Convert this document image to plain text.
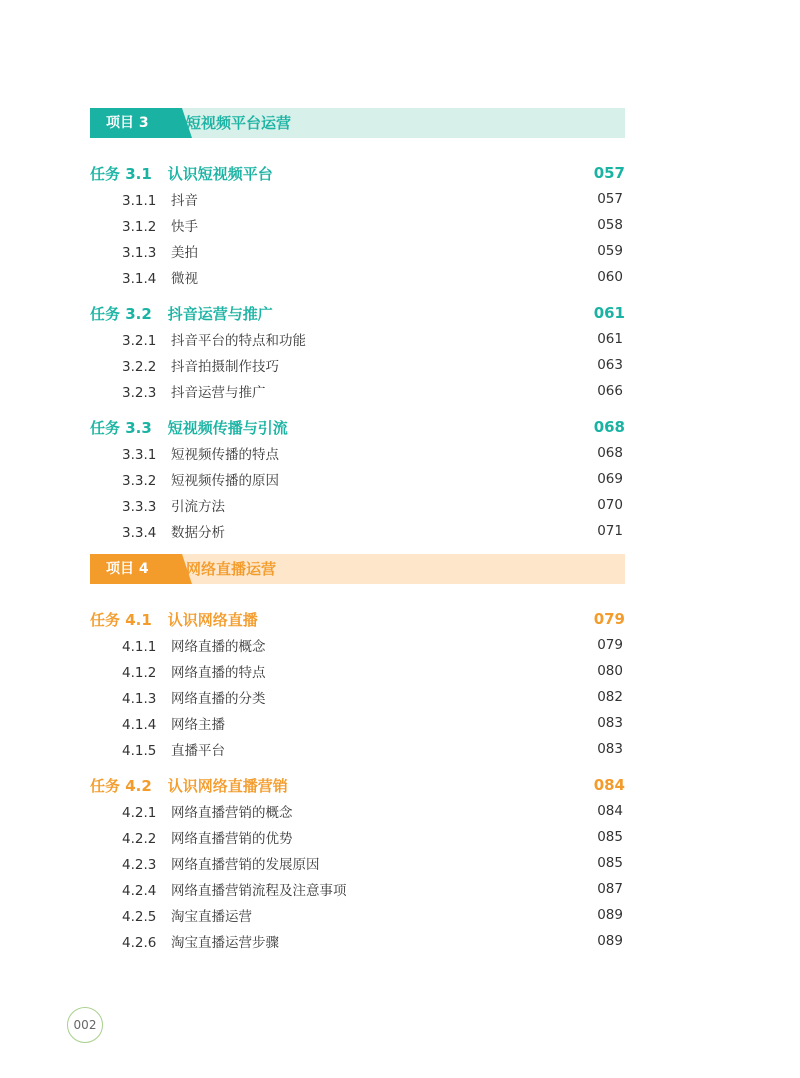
项目 3	短视频平台运营
任务 3.1 认识短视频平台	057
3.1.1 抖音	057
3.1.2 快手	058
3.1.3 美拍	059
3.1.4 微视	060
任务 3.2 抖音运营与推广	061
3.2.1 抖音平台的特点和功能	061
3.2.2 抖音拍摄制作技巧	063
3.2.3 抖音运营与推广	066
任务 3.3 短视频传播与引流	068
3.3.1 短视频传播的特点	068
3.3.2 短视频传播的原因	069
3.3.3 引流方法	070
3.3.4 数据分析	071
项目 4	网络直播运营
任务 4.1 认识网络直播	079
4.1.1 网络直播的概念	079
4.1.2 网络直播的特点	080
4.1.3 网络直播的分类	082
4.1.4 网络主播	083
4.1.5 直播平台	083
任务 4.2 认识网络直播营销	084
4.2.1 网络直播营销的概念	084
4.2.2 网络直播营销的优势	085
4.2.3 网络直播营销的发展原因	085
4.2.4 网络直播营销流程及注意事项	087
4.2.5 淘宝直播运营	089
4.2.6 淘宝直播运营步骤	089
002
